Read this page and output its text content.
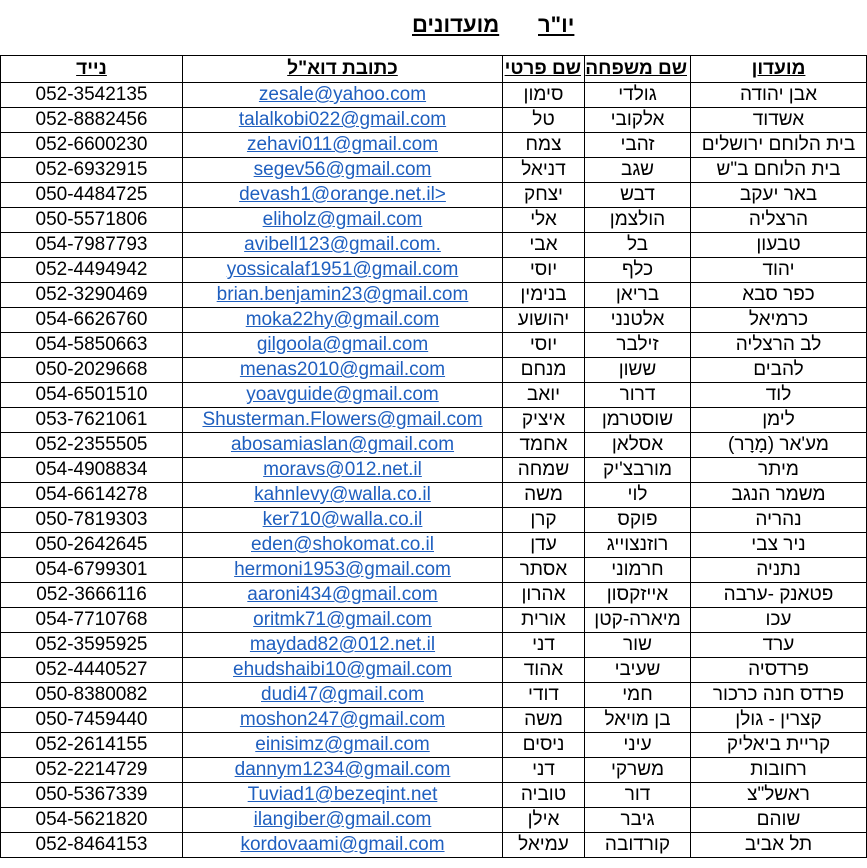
מועדונים יו"ר
מועדון	שם משפחה	שם פרטי	כתובת דוא"ל	נייד
אבן יהודה	גולדי	סימון	zesale@yahoo.com	052-3542135
אשדוד	אלקובי	טל	talalkobi022@gmail.com	052-8882456
בית הלוחם ירושלים	זהבי	צמח	zehavi011@gmail.com	052-6600230
בית הלוחם ב"ש	שגב	דניאל	segev56@gmail.com	052-6932915
באר יעקב	דבש	יצחק	devash1@orange.net.il>	050-4484725
הרצליה	הולצמן	אלי	eliholz@gmail.com	050-5571806
טבעון	בל	אבי	avibell123@gmail.com.	054-7987793
יהוד	כלף	יוסי	yossicalaf1951@gmail.com	052-4494942
כפר סבא	בריאן	בנימין	brian.benjamin23@gmail.com	052-3290469
כרמיאל	אלטנני	יהושוע	moka22hy@gmail.com	054-6626760
לב הרצליה	זילבר	יוסי	gilgoola@gmail.com	054-5850663
להבים	ששון	מנחם	menas2010@gmail.com	050-2029668
לוד	דרור	יואב	yoavguide@gmail.com	054-6501510
לימן	שוסטרמן	איציק	Shusterman.Flowers@gmail.com	053-7621061
מע'אר (מָרָר)	אסלאן	אחמד	abosamiaslan@gmail.com	052-2355505
מיתר	מורבצ'יק	שמחה	moravs@012.net.il	054-4908834
משמר הנגב	לוי	משה	kahnlevy@walla.co.il	054-6614278
נהריה	פוקס	קרן	ker710@walla.co.il	050-7819303
ניר צבי	רוזנצוייג	עדן	eden@shokomat.co.il	050-2642645
נתניה	חרמוני	אסתר	hermoni1953@gmail.com	054-6799301
פטאנק -ערבה	אייזקסון	אהרון	aaroni434@gmail.com	052-3666116
עכו	מיארה-קטן	אורית	oritmk71@gmail.com	054-7710768
ערד	שור	דני	maydad82@012.net.il	052-3595925
פרדסיה	שעיבי	אהוד	ehudshaibi10@gmail.com	052-4440527
פרדס חנה כרכור	חמי	דודי	dudi47@gmail.com	050-8380082
קצרין - גולן	בן מויאל	משה	moshon247@gmail.com	050-7459440
קריית ביאליק	עיני	ניסים	einisimz@gmail.com	052-2614155
רחובות	משרקי	דני	dannym1234@gmail.com	052-2214729
ראשל"צ	דור	טוביה	Tuviad1@bezeqint.net	050-5367339
שוהם	גיבר	אילן	ilangiber@gmail.com	054-5621820
תל אביב	קורדובה	עמיאל	kordovaami@gmail.com	052-8464153
